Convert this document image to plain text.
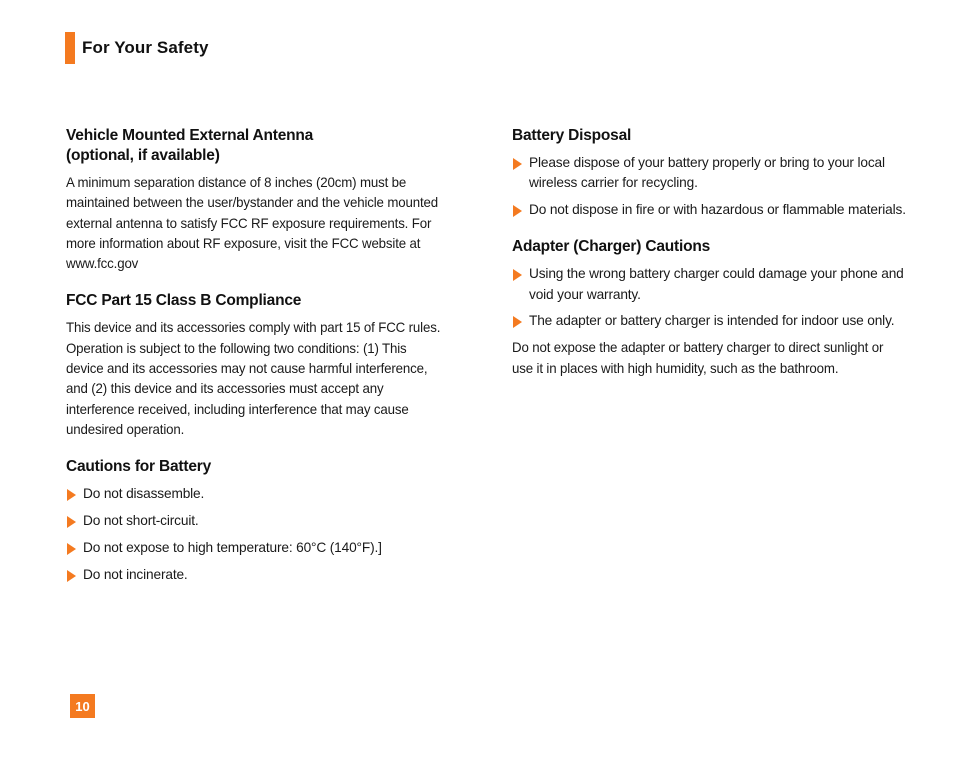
For Your Safety
Vehicle Mounted External Antenna
(optional, if available)

A minimum separation distance of 8 inches (20cm) must be maintained between the user/bystander and the vehicle mounted external antenna to satisfy FCC RF exposure requirements. For more information about RF exposure, visit the FCC website at www.fcc.gov

FCC Part 15 Class B Compliance

This device and its accessories comply with part 15 of FCC rules. Operation is subject to the following two conditions: (1) This device and its accessories may not cause harmful interference, and (2) this device and its accessories must accept any interference received, including interference that may cause undesired operation.

Cautions for Battery
Do not disassemble.
Do not short-circuit.
Do not expose to high temperature: 60°C (140°F).]
Do not incinerate.
Battery Disposal
Please dispose of your battery properly or bring to your local wireless carrier for recycling.
Do not dispose in fire or with hazardous or flammable materials.
Adapter (Charger) Cautions
Using the wrong battery charger could damage your phone and void your warranty.
The adapter or battery charger is intended for indoor use only.

Do not expose the adapter or battery charger to direct sunlight or use it in places with high humidity, such as the bathroom.

10
